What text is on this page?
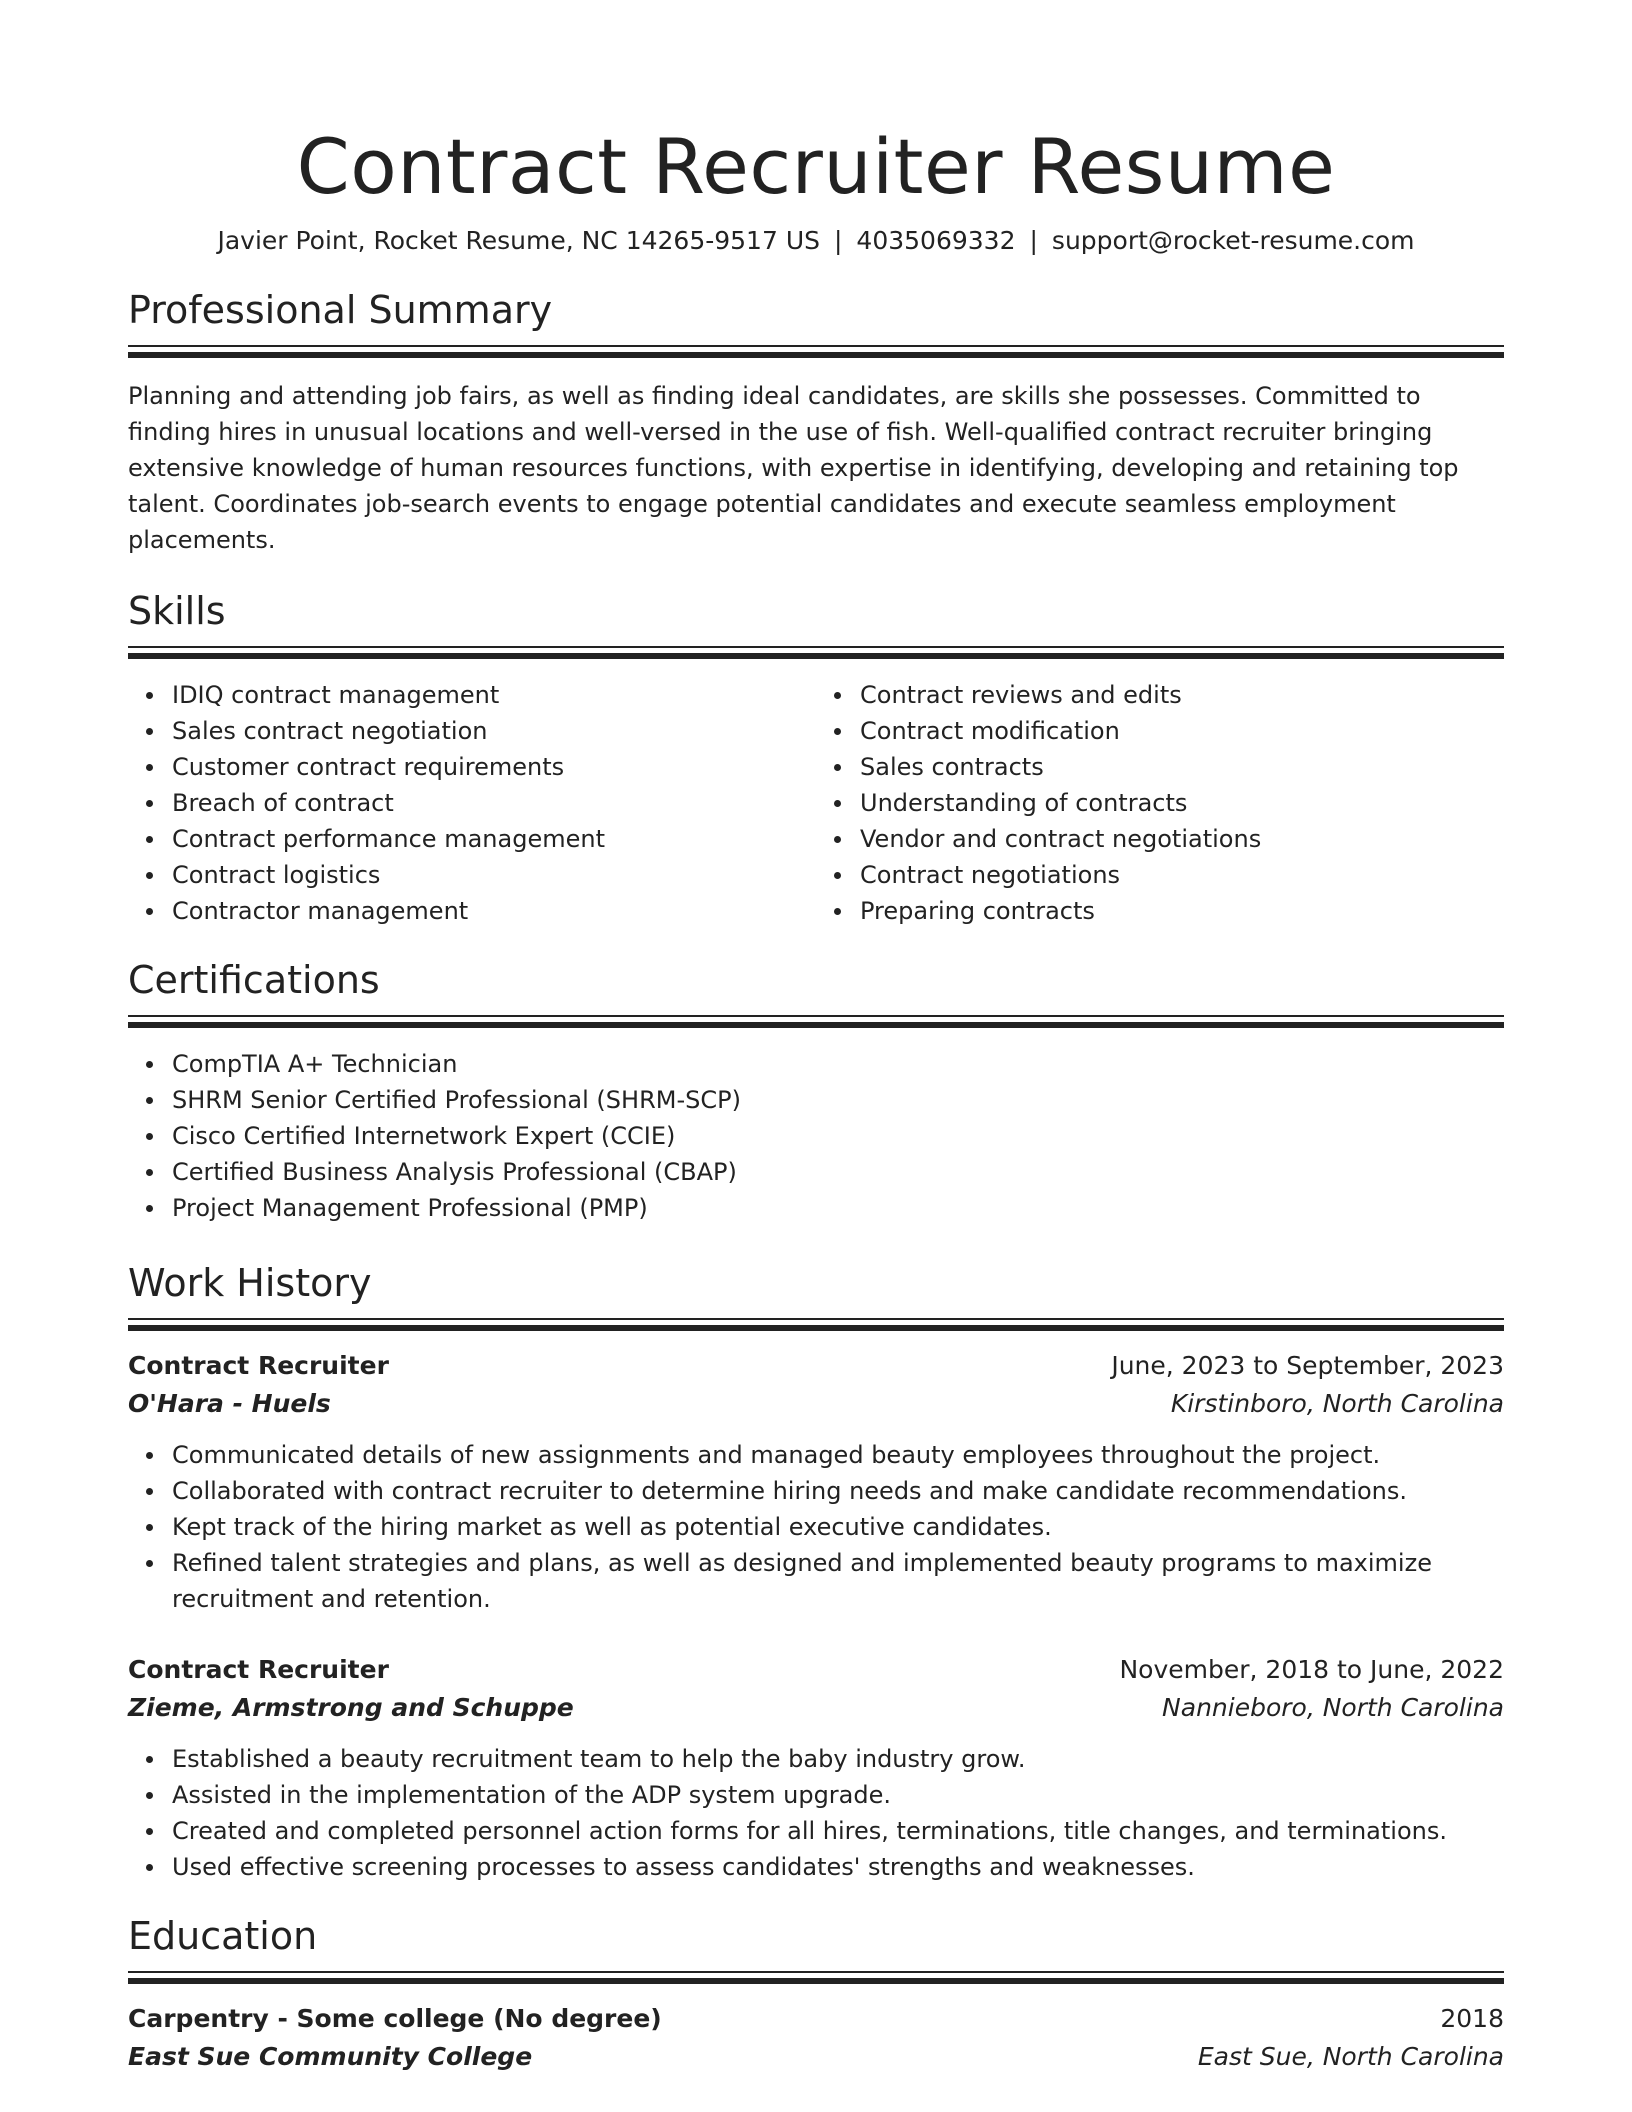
Contract Recruiter Resume
Javier Point, Rocket Resume, NC 14265-9517 US | 4035069332 | support@rocket-resume.com
Professional Summary
Planning and attending job fairs, as well as finding ideal candidates, are skills she possesses. Committed to finding hires in unusual locations and well-versed in the use of fish. Well-qualified contract recruiter bringing extensive knowledge of human resources functions, with expertise in identifying, developing and retaining top talent. Coordinates job-search events to engage potential candidates and execute seamless employment placements.
Skills
IDIQ contract management
Sales contract negotiation
Customer contract requirements
Breach of contract
Contract performance management
Contract logistics
Contractor management
Contract reviews and edits
Contract modification
Sales contracts
Understanding of contracts
Vendor and contract negotiations
Contract negotiations
Preparing contracts
Certifications
CompTIA A+ Technician
SHRM Senior Certified Professional (SHRM-SCP)
Cisco Certified Internetwork Expert (CCIE)
Certified Business Analysis Professional (CBAP)
Project Management Professional (PMP)
Work History
Contract Recruiter	June, 2023 to September, 2023
O'Hara - Huels	Kirstinboro, North Carolina
Communicated details of new assignments and managed beauty employees throughout the project.
Collaborated with contract recruiter to determine hiring needs and make candidate recommendations.
Kept track of the hiring market as well as potential executive candidates.
Refined talent strategies and plans, as well as designed and implemented beauty programs to maximize recruitment and retention.
Contract Recruiter	November, 2018 to June, 2022
Zieme, Armstrong and Schuppe	Nannieboro, North Carolina
Established a beauty recruitment team to help the baby industry grow.
Assisted in the implementation of the ADP system upgrade.
Created and completed personnel action forms for all hires, terminations, title changes, and terminations.
Used effective screening processes to assess candidates' strengths and weaknesses.
Education
Carpentry - Some college (No degree)	2018
East Sue Community College	East Sue, North Carolina
